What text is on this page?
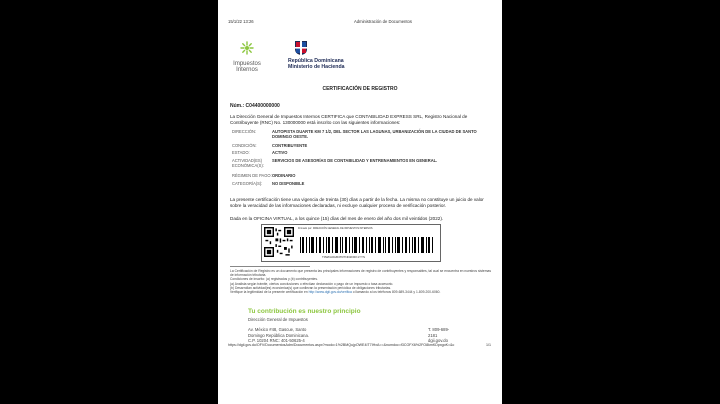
15/1/22 13:26	Administración de Documentos
Impuestos
Internos
República Dominicana
Ministerio de Hacienda
CERTIFICACIÓN DE REGISTRO
Núm.: C04400000000
La Dirección General de Impuestos Internos CERTIFICA que CONTABILIDAD EXPRESS SRL, Registro Nacional de Contribuyente (RNC) No. 130000000 está inscrito con las siguientes informaciones:
DIRECCIÓN:	AUTOPISTA DUARTE KM 7 1/2, DEL SECTOR LAS LAGUNAS, URBANIZACIÓN DE LA CIUDAD DE SANTO DOMINGO OESTE.
CONDICIÓN:	CONTRIBUYENTE
ESTADO:	ACTIVO
ACTIVIDAD(ES) ECONÓMICA(S):
SERVICIOS DE ASESORÍAS DE CONTABILIDAD Y ENTRENAMIENTOS EN GENERAL.
RÉGIMEN DE PAGO: ORDINARIO
CATEGORÍA(S): NO DISPONIBLE
La presente certificación tiene una vigencia de treinta (30) días a partir de la fecha. La misma no constituye un juicio de valor sobre la veracidad de las informaciones declaradas, ni excluye cualquier proceso de verificación posterior.
Dada en la OFICINA VIRTUAL, a los quince (15) días del mes de enero del año dos mil veintidos (2022).
Firmado por: DIRECCIÓN GENERAL DE IMPUESTOS INTERNOS
T0WFA0GB4TR7ND2FRK1YYS
La Certificación de Registro es un documento que presenta las principales informaciones de registro de contribuyentes y responsables, tal cual se encuentra en nuestros sistemas de información tributaria.
Condiciones de inscrito: (a) registrados y (b) contribuyentes.
(a) Analista según trámite, ciertos conclusiones o efectúan declaración o pago de un impuesto o tasa accesorio.
(b) Desarrollan actividad(es) económica(s) que conllevan la presentación periódica de obligaciones tributarias.
Verifique la legitimidad de la presente certificación en http://www.dgii.gov.do/verifica o llamando a los teléfonos 809-689-3444 y 1-809-200-6060.
Tu contribución es nuestro principio
Dirección General de Impuestos
Av. México #48, Gascue, Santo
Domingo República Dominicana.
C.P. 10204 RNC: 401-50625-4
T. 809-689-
2181
dgii.gov.do
https://dgii.gov.do/OFV/DocumentosAdm/Documentos.aspx?modo=1%2BMQujpOWE4IT7IHxA==&numdoc=f3COFX6%2FO8kmKDpxgoK=&c	1/1
